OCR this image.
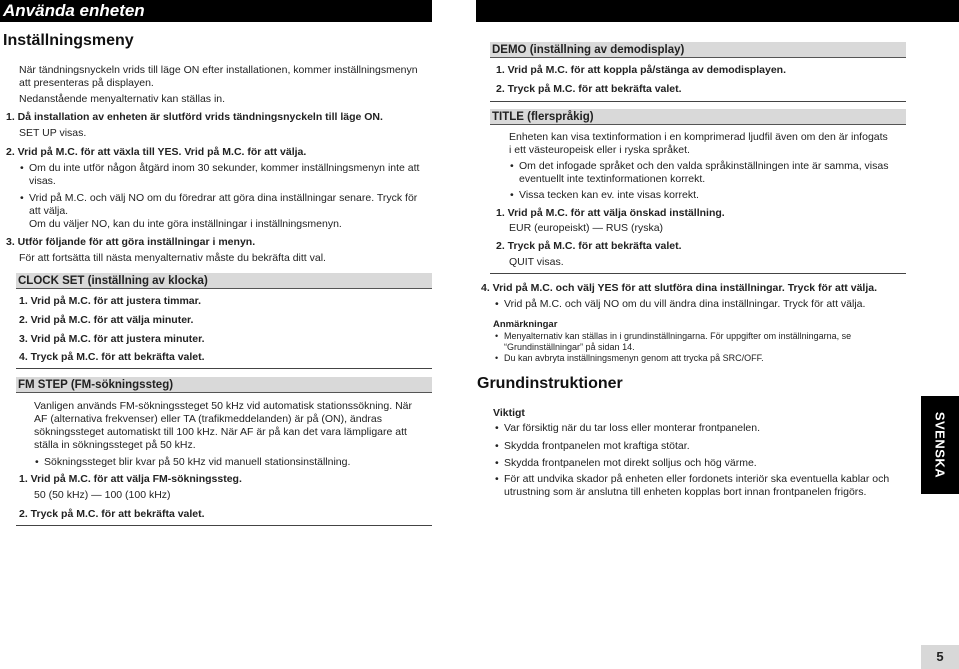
Använda enheten
Inställningsmeny
När tändningsnyckeln vrids till läge ON efter installationen, kommer inställningsmenyn
att presenteras på displayen.
Nedanstående menyalternativ kan ställas in.
1. Då installation av enheten är slutförd vrids tändningsnyckeln till läge ON.
SET UP visas.
2. Vrid på M.C. för att växla till YES. Vrid på M.C. för att välja.
• Om du inte utför någon åtgärd inom 30 sekunder, kommer inställningsmenyn inte att
visas.
• Vrid på M.C. och välj NO om du föredrar att göra dina inställningar senare. Tryck för
att välja.
Om du väljer NO, kan du inte göra inställningar i inställningsmenyn.
3. Utför följande för att göra inställningar i menyn.
För att fortsätta till nästa menyalternativ måste du bekräfta ditt val.
CLOCK SET (inställning av klocka)
1. Vrid på M.C. för att justera timmar.
2. Vrid på M.C. för att välja minuter.
3. Vrid på M.C. för att justera minuter.
4. Tryck på M.C. för att bekräfta valet.
FM STEP (FM-sökningssteg)
Vanligen används FM-sökningssteget 50 kHz vid automatisk stationssökning. När
AF (alternativa frekvenser) eller TA (trafikmeddelanden) är på (ON), ändras
sökningssteget automatiskt till 100 kHz. När AF är på kan det vara lämpligare att
ställa in sökningssteget på 50 kHz.
• Sökningssteget blir kvar på 50 kHz vid manuell stationsinställning.
1. Vrid på M.C. för att välja FM-sökningssteg.
50 (50 kHz) — 100 (100 kHz)
2. Tryck på M.C. för att bekräfta valet.
DEMO (inställning av demodisplay)
1. Vrid på M.C. för att koppla på/stänga av demodisplayen.
2. Tryck på M.C. för att bekräfta valet.
TITLE (flerspråkig)
Enheten kan visa textinformation i en komprimerad ljudfil även om den är infogats
i ett västeuropeisk eller i ryska språket.
• Om det infogade språket och den valda språkinställningen inte är samma, visas
eventuellt inte textinformationen korrekt.
• Vissa tecken kan ev. inte visas korrekt.
1. Vrid på M.C. för att välja önskad inställning.
EUR (europeiskt) — RUS (ryska)
2. Tryck på M.C. för att bekräfta valet.
QUIT visas.
4. Vrid på M.C. och välj YES för att slutföra dina inställningar. Tryck för att välja.
• Vrid på M.C. och välj NO om du vill ändra dina inställningar. Tryck för att välja.
Anmärkningar
• Menyalternativ kan ställas in i grundinställningarna. För uppgifter om inställningarna, se
“Grundinställningar” på sidan 14.
• Du kan avbryta inställningsmenyn genom att trycka på SRC/OFF.
Grundinstruktioner
Viktigt
• Var försiktig när du tar loss eller monterar frontpanelen.
• Skydda frontpanelen mot kraftiga stötar.
• Skydda frontpanelen mot direkt solljus och hög värme.
• För att undvika skador på enheten eller fordonets interiör ska eventuella kablar och
utrustning som är anslutna till enheten kopplas bort innan frontpanelen frigörs.
SVENSKA
5
